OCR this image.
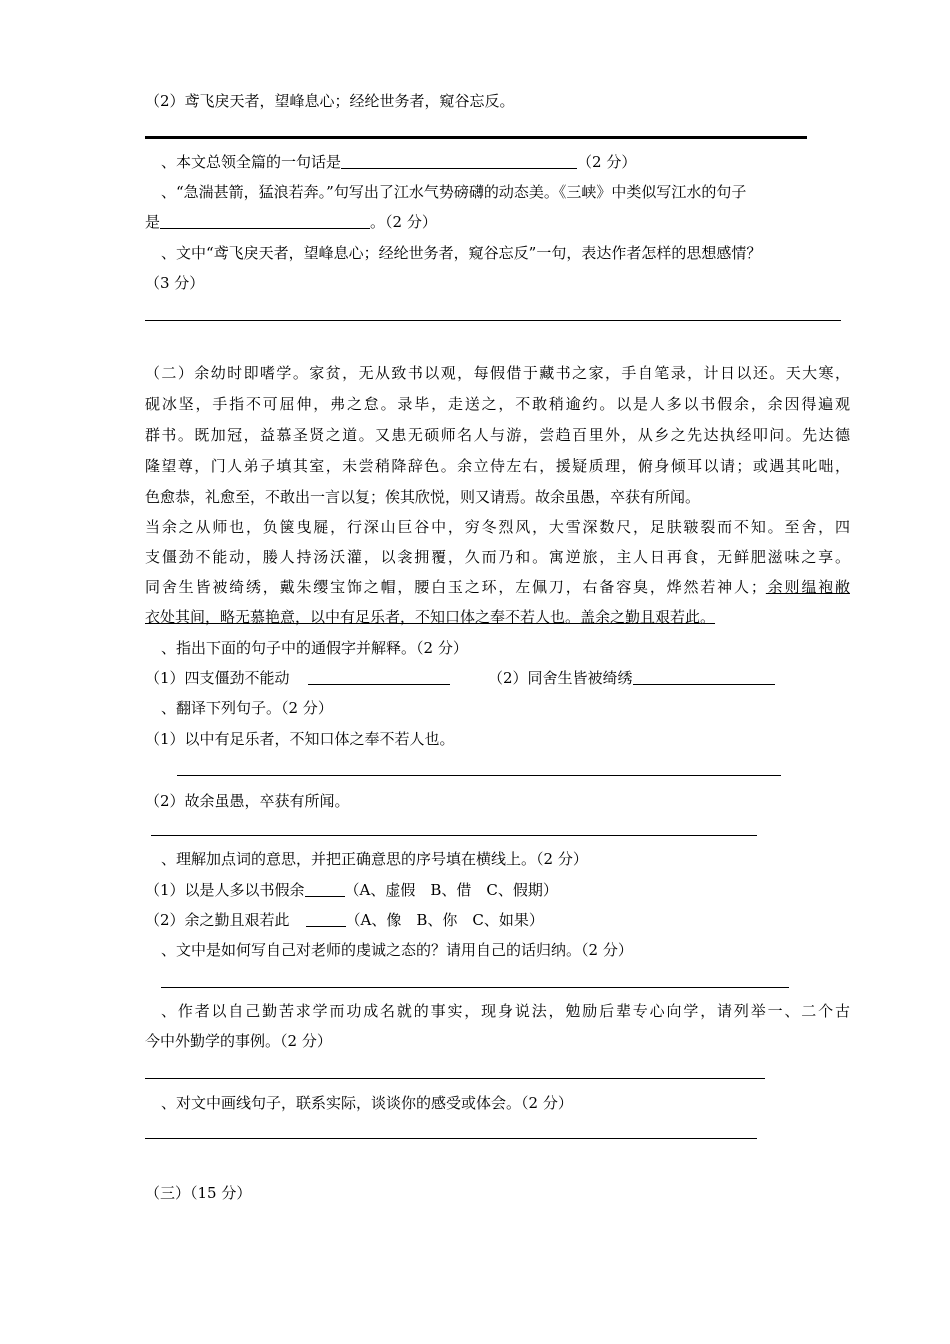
（2）鸢飞戾天者，望峰息心；经纶世务者，窥谷忘反。
、本文总领全篇的一句话是	（2 分）
、“急湍甚箭，猛浪若奔。”句写出了江水气势磅礴的动态美。《三峡》中类似写江水的句子
是	。（2 分）
、文中“鸢飞戾天者，望峰息心；经纶世务者，窥谷忘反”一句，表达作者怎样的思想感情？
（3 分）
（二）余幼时即嗜学。家贫，无从致书以观，每假借于藏书之家，手自笔录，计日以还。天大寒，
砚冰坚，手指不可屈伸，弗之怠。录毕，走送之，不敢稍逾约。以是人多以书假余，余因得遍观
群书。既加冠，益慕圣贤之道。又患无硕师名人与游，尝趋百里外，从乡之先达执经叩问。先达德
隆望尊，门人弟子填其室，未尝稍降辞色。余立侍左右，援疑质理，俯身倾耳以请；或遇其叱咄，
色愈恭，礼愈至，不敢出一言以复；俟其欣悦，则又请焉。故余虽愚，卒获有所闻。
当余之从师也，负箧曳屣，行深山巨谷中，穷冬烈风，大雪深数尺，足肤皲裂而不知。至舍，四
支僵劲不能动，媵人持汤沃灌，以衾拥覆，久而乃和。寓逆旅，主人日再食，无鲜肥滋味之享。
同舍生皆被绮绣，戴朱缨宝饰之帽，腰白玉之环，左佩刀，右备容臭，烨然若神人；余则缊袍敝
衣处其间，略无慕艳意，以中有足乐者，不知口体之奉不若人也。盖余之勤且艰若此。
、指出下面的句子中的通假字并解释。（2 分）
（1）四支僵劲不能动	（2）同舍生皆被绮绣
、翻译下列句子。（2 分）
（1）以中有足乐者，不知口体之奉不若人也。
（2）故余虽愚，卒获有所闻。
、理解加点词的意思，并把正确意思的序号填在横线上。（2 分）
（1）以是人多以书假余	（A、虚假　B、借　C、假期）
（2）余之勤且艰若此	（A、像　B、你　C、如果）
、文中是如何写自己对老师的虔诚之态的？请用自己的话归纳。（2 分）
、作者以自己勤苦求学而功成名就的事实，现身说法，勉励后辈专心向学，请列举一、二个古
今中外勤学的事例。（2 分）
、对文中画线句子，联系实际，谈谈你的感受或体会。（2 分）
（三）（15 分）
